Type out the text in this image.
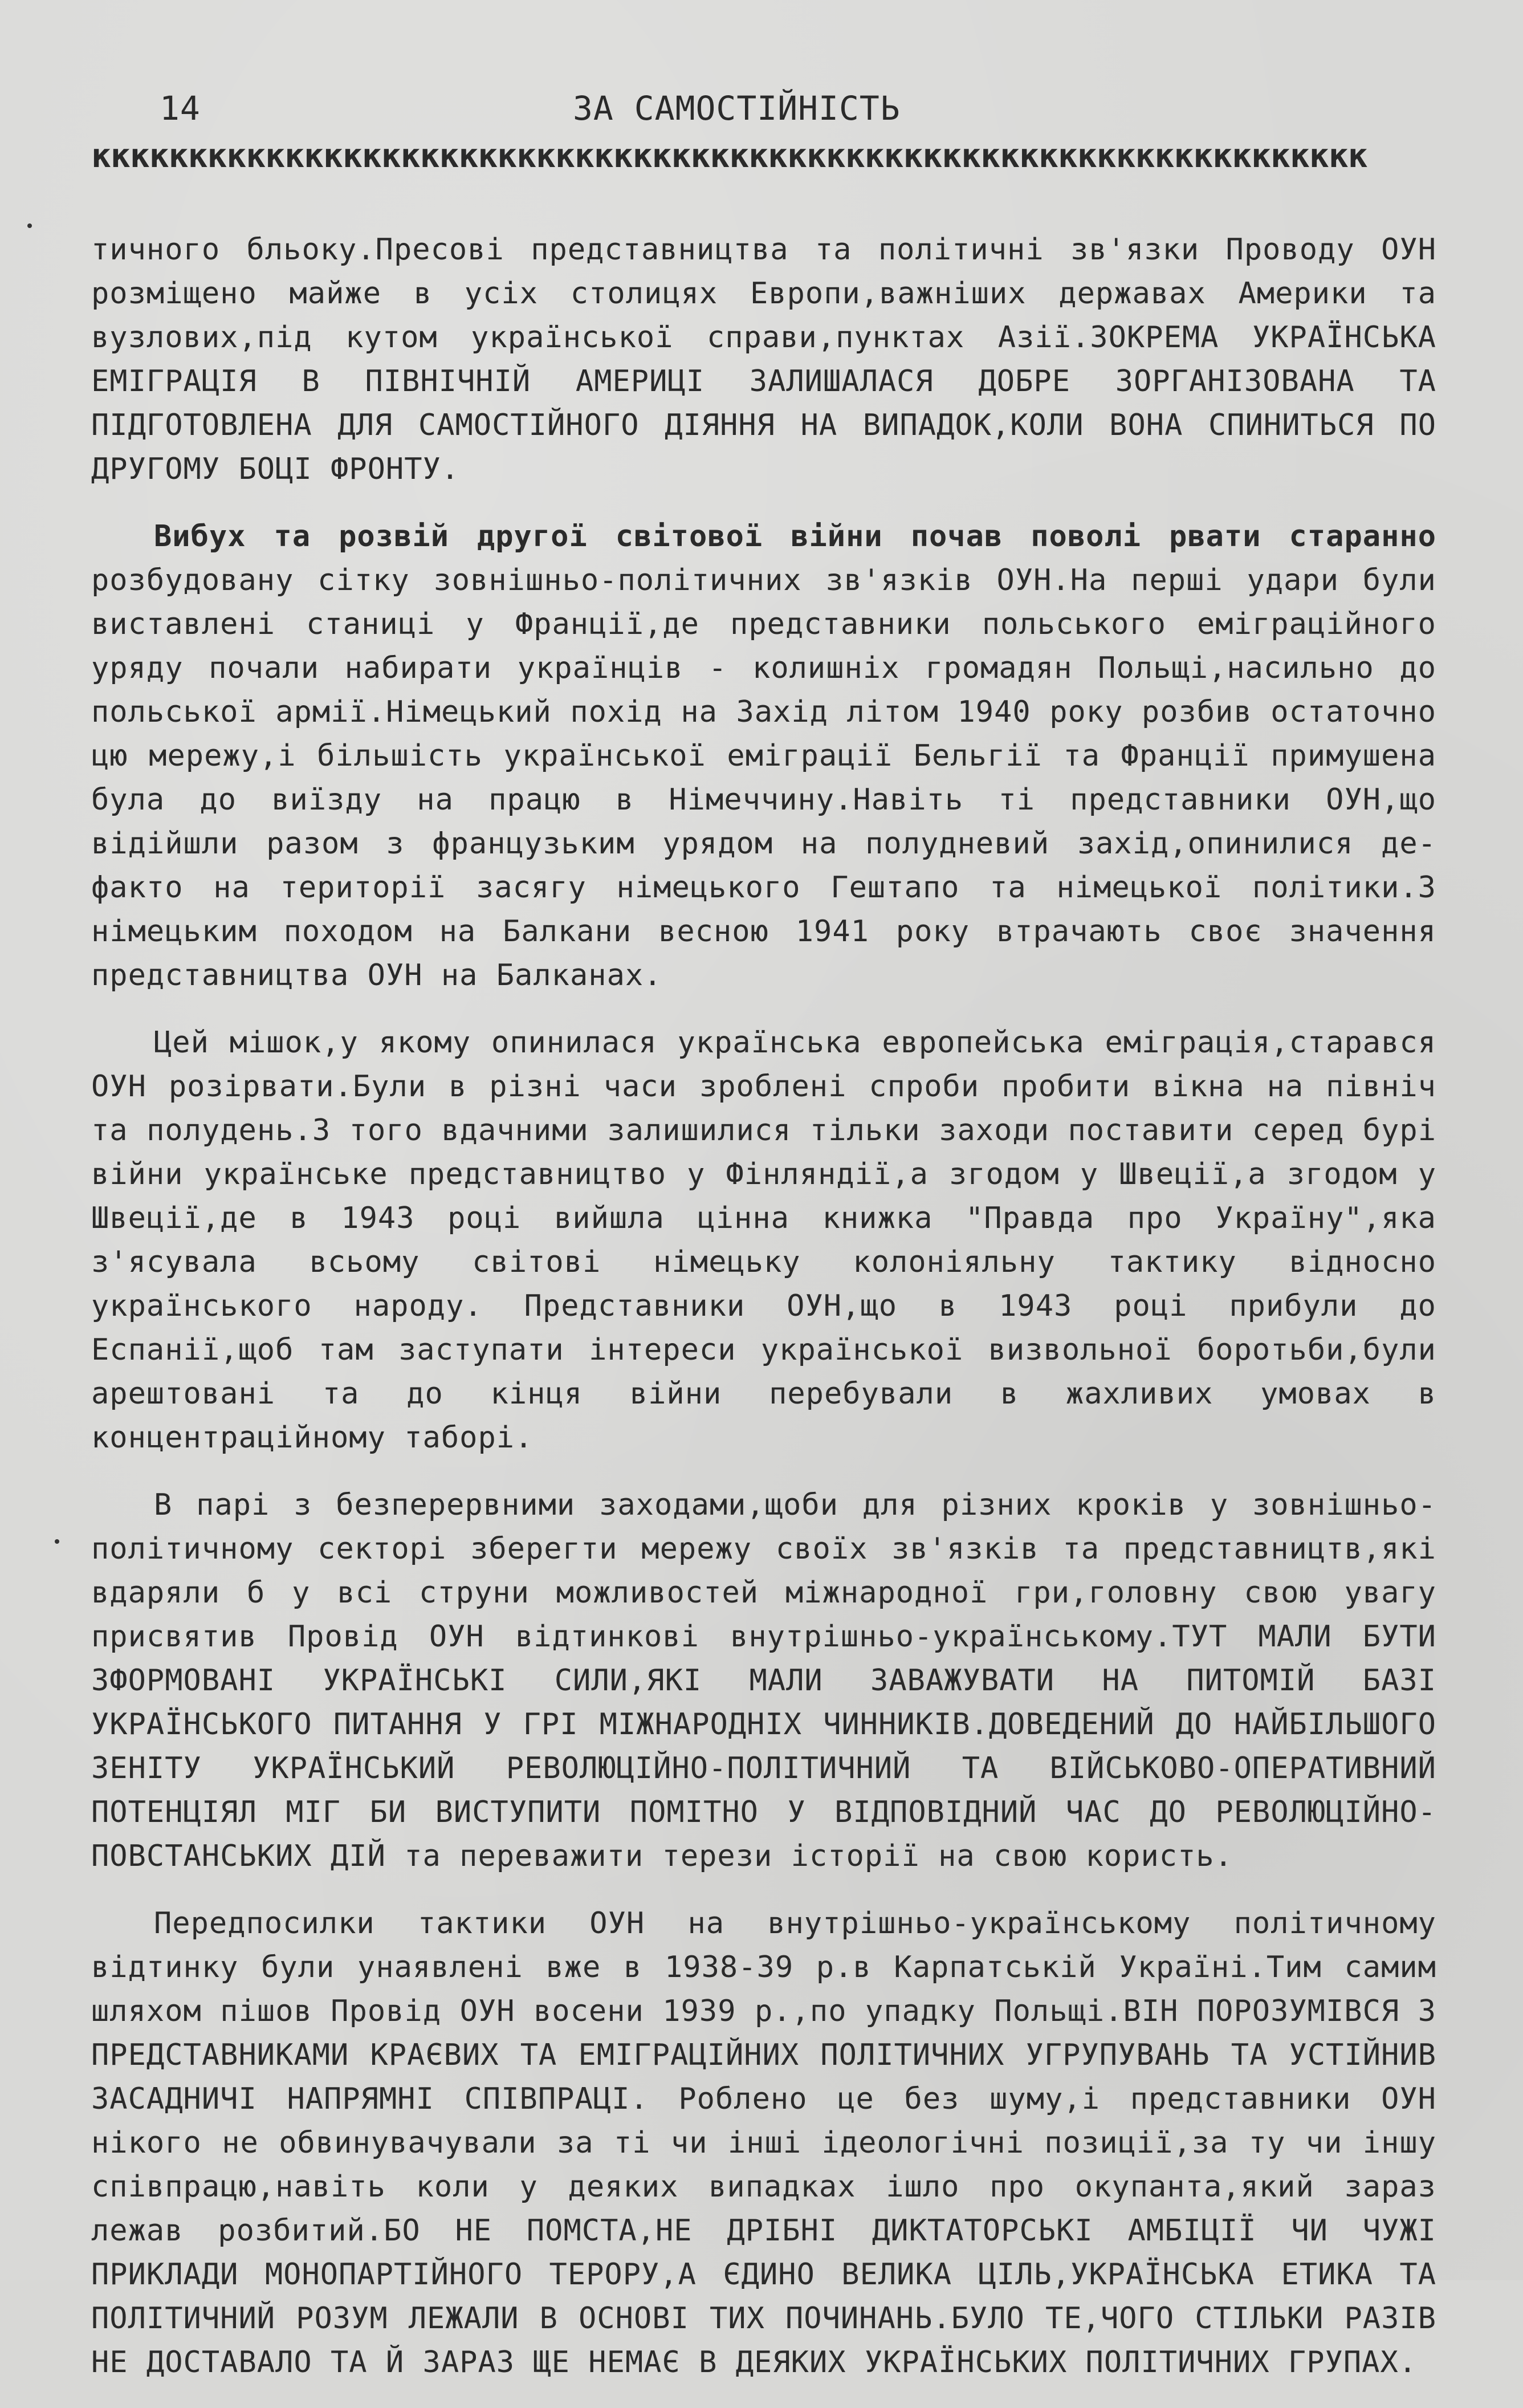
14	ЗА САМОСТІЙНІСТЬ
кккккккккккккккккккккккккккккккккккккккккккккккккккккккккккккккккк

тичного бльоку.Пресові представництва та політичні зв'язки Проводу ОУН розміщено майже в усіх столицях Европи,важніших державах Америки та вузлових,під кутом української справи,пунктах Азії.ЗОКРЕМА УКРАЇНСЬКА ЕМІГРАЦІЯ В ПІВНІЧНІЙ АМЕРИЦІ ЗАЛИШАЛАСЯ ДОБРЕ ЗОРГАНІЗОВАНА ТА ПІДГОТОВЛЕНА ДЛЯ САМОСТІЙНОГО ДІЯННЯ НА ВИПАДОК,КОЛИ ВОНА СПИНИТЬСЯ ПО ДРУГОМУ БОЦІ ФРОНТУ.

Вибух та розвій другої світової війни почав поволі рвати старанно розбудовану сітку зовнішньо-політичних зв'язків ОУН.На перші удари були виставлені станиці у Франції,де представники польського еміграційного уряду почали набирати українців - колишніх громадян Польщі,насильно до польської армії.Німецький похід на Захід літом 1940 року розбив остаточно цю мережу,і більшість української еміграції Бельгії та Франції примушена була до виїзду на працю в Німеччину.Навіть ті представники ОУН,що відійшли разом з французьким урядом на полудневий захід,опинилися де-факто на території засягу німецького Гештапо та німецької політики.З німецьким походом на Балкани весною 1941 року втрачають своє значення представництва ОУН на Балканах.

Цей мішок,у якому опинилася українська европейська еміграція,старався ОУН розірвати.Були в різні часи зроблені спроби пробити вікна на північ та полудень.З того вдачними залишилися тільки заходи поставити серед бурі війни українське представництво у Фінляндії,а згодом у Швеції,а згодом у Швеції,де в 1943 році вийшла цінна книжка "Правда про Україну",яка з'ясувала всьому світові німецьку колоніяльну тактику відносно українського народу. Представники ОУН,що в 1943 році прибули до Еспанії,щоб там заступати інтереси української визвольної боротьби,були арештовані та до кінця війни перебували в жахливих умовах в концентраційному таборі.

В парі з безперервними заходами,щоби для різних кроків у зовнішньо-політичному секторі зберегти мережу своїх зв'язків та представництв,які вдаряли б у всі струни можливостей міжнародної гри,головну свою увагу присвятив Провід ОУН відтинкові внутрішньо-українському.ТУТ МАЛИ БУТИ ЗФОРМОВАНІ УКРАЇНСЬКІ СИЛИ,ЯКІ МАЛИ ЗАВАЖУВАТИ НА ПИТОМІЙ БАЗІ УКРАЇНСЬКОГО ПИТАННЯ У ГРІ МІЖНАРОДНІХ ЧИННИКІВ.ДОВЕДЕНИЙ ДО НАЙБІЛЬШОГО ЗЕНІТУ УКРАЇНСЬКИЙ РЕВОЛЮЦІЙНО-ПОЛІТИЧНИЙ ТА ВІЙСЬКОВО-ОПЕРАТИВНИЙ ПОТЕНЦІЯЛ МІГ БИ ВИСТУПИТИ ПОМІТНО У ВІДПОВІДНИЙ ЧАС ДО РЕВОЛЮЦІЙНО-ПОВСТАНСЬКИХ ДІЙ та переважити терези історії на свою користь.

Передпосилки тактики ОУН на внутрішньо-українському політичному відтинку були унаявлені вже в 1938-39 р.в Карпатській Україні.Тим самим шляхом пішов Провід ОУН восени 1939 р.,по упадку Польщі.ВІН ПОРОЗУМІВСЯ З ПРЕДСТАВНИКАМИ КРАЄВИХ ТА ЕМІГРАЦІЙНИХ ПОЛІТИЧНИХ УГРУПУВАНЬ ТА УСТІЙНИВ ЗАСАДНИЧІ НАПРЯМНІ СПІВПРАЦІ. Роблено це без шуму,і представники ОУН нікого не обвинувачували за ті чи інші ідеологічні позиції,за ту чи іншу співпрацю,навіть коли у деяких випадках ішло про окупанта,який зараз лежав розбитий.БО НЕ ПОМСТА,НЕ ДРІБНІ ДИКТАТОРСЬКІ АМБІЦІЇ ЧИ ЧУЖІ ПРИКЛАДИ МОНОПАРТІЙНОГО ТЕРОРУ,А ЄДИНО ВЕЛИКА ЦІЛЬ,УКРАЇНСЬКА ЕТИКА ТА ПОЛІТИЧНИЙ РОЗУМ ЛЕЖАЛИ В ОСНОВІ ТИХ ПОЧИНАНЬ.БУЛО ТЕ,ЧОГО СТІЛЬКИ РАЗІВ НЕ ДОСТАВАЛО ТА Й ЗАРАЗ ЩЕ НЕМАЄ В ДЕЯКИХ УКРАЇНСЬКИХ ПОЛІТИЧНИХ ГРУПАХ.
